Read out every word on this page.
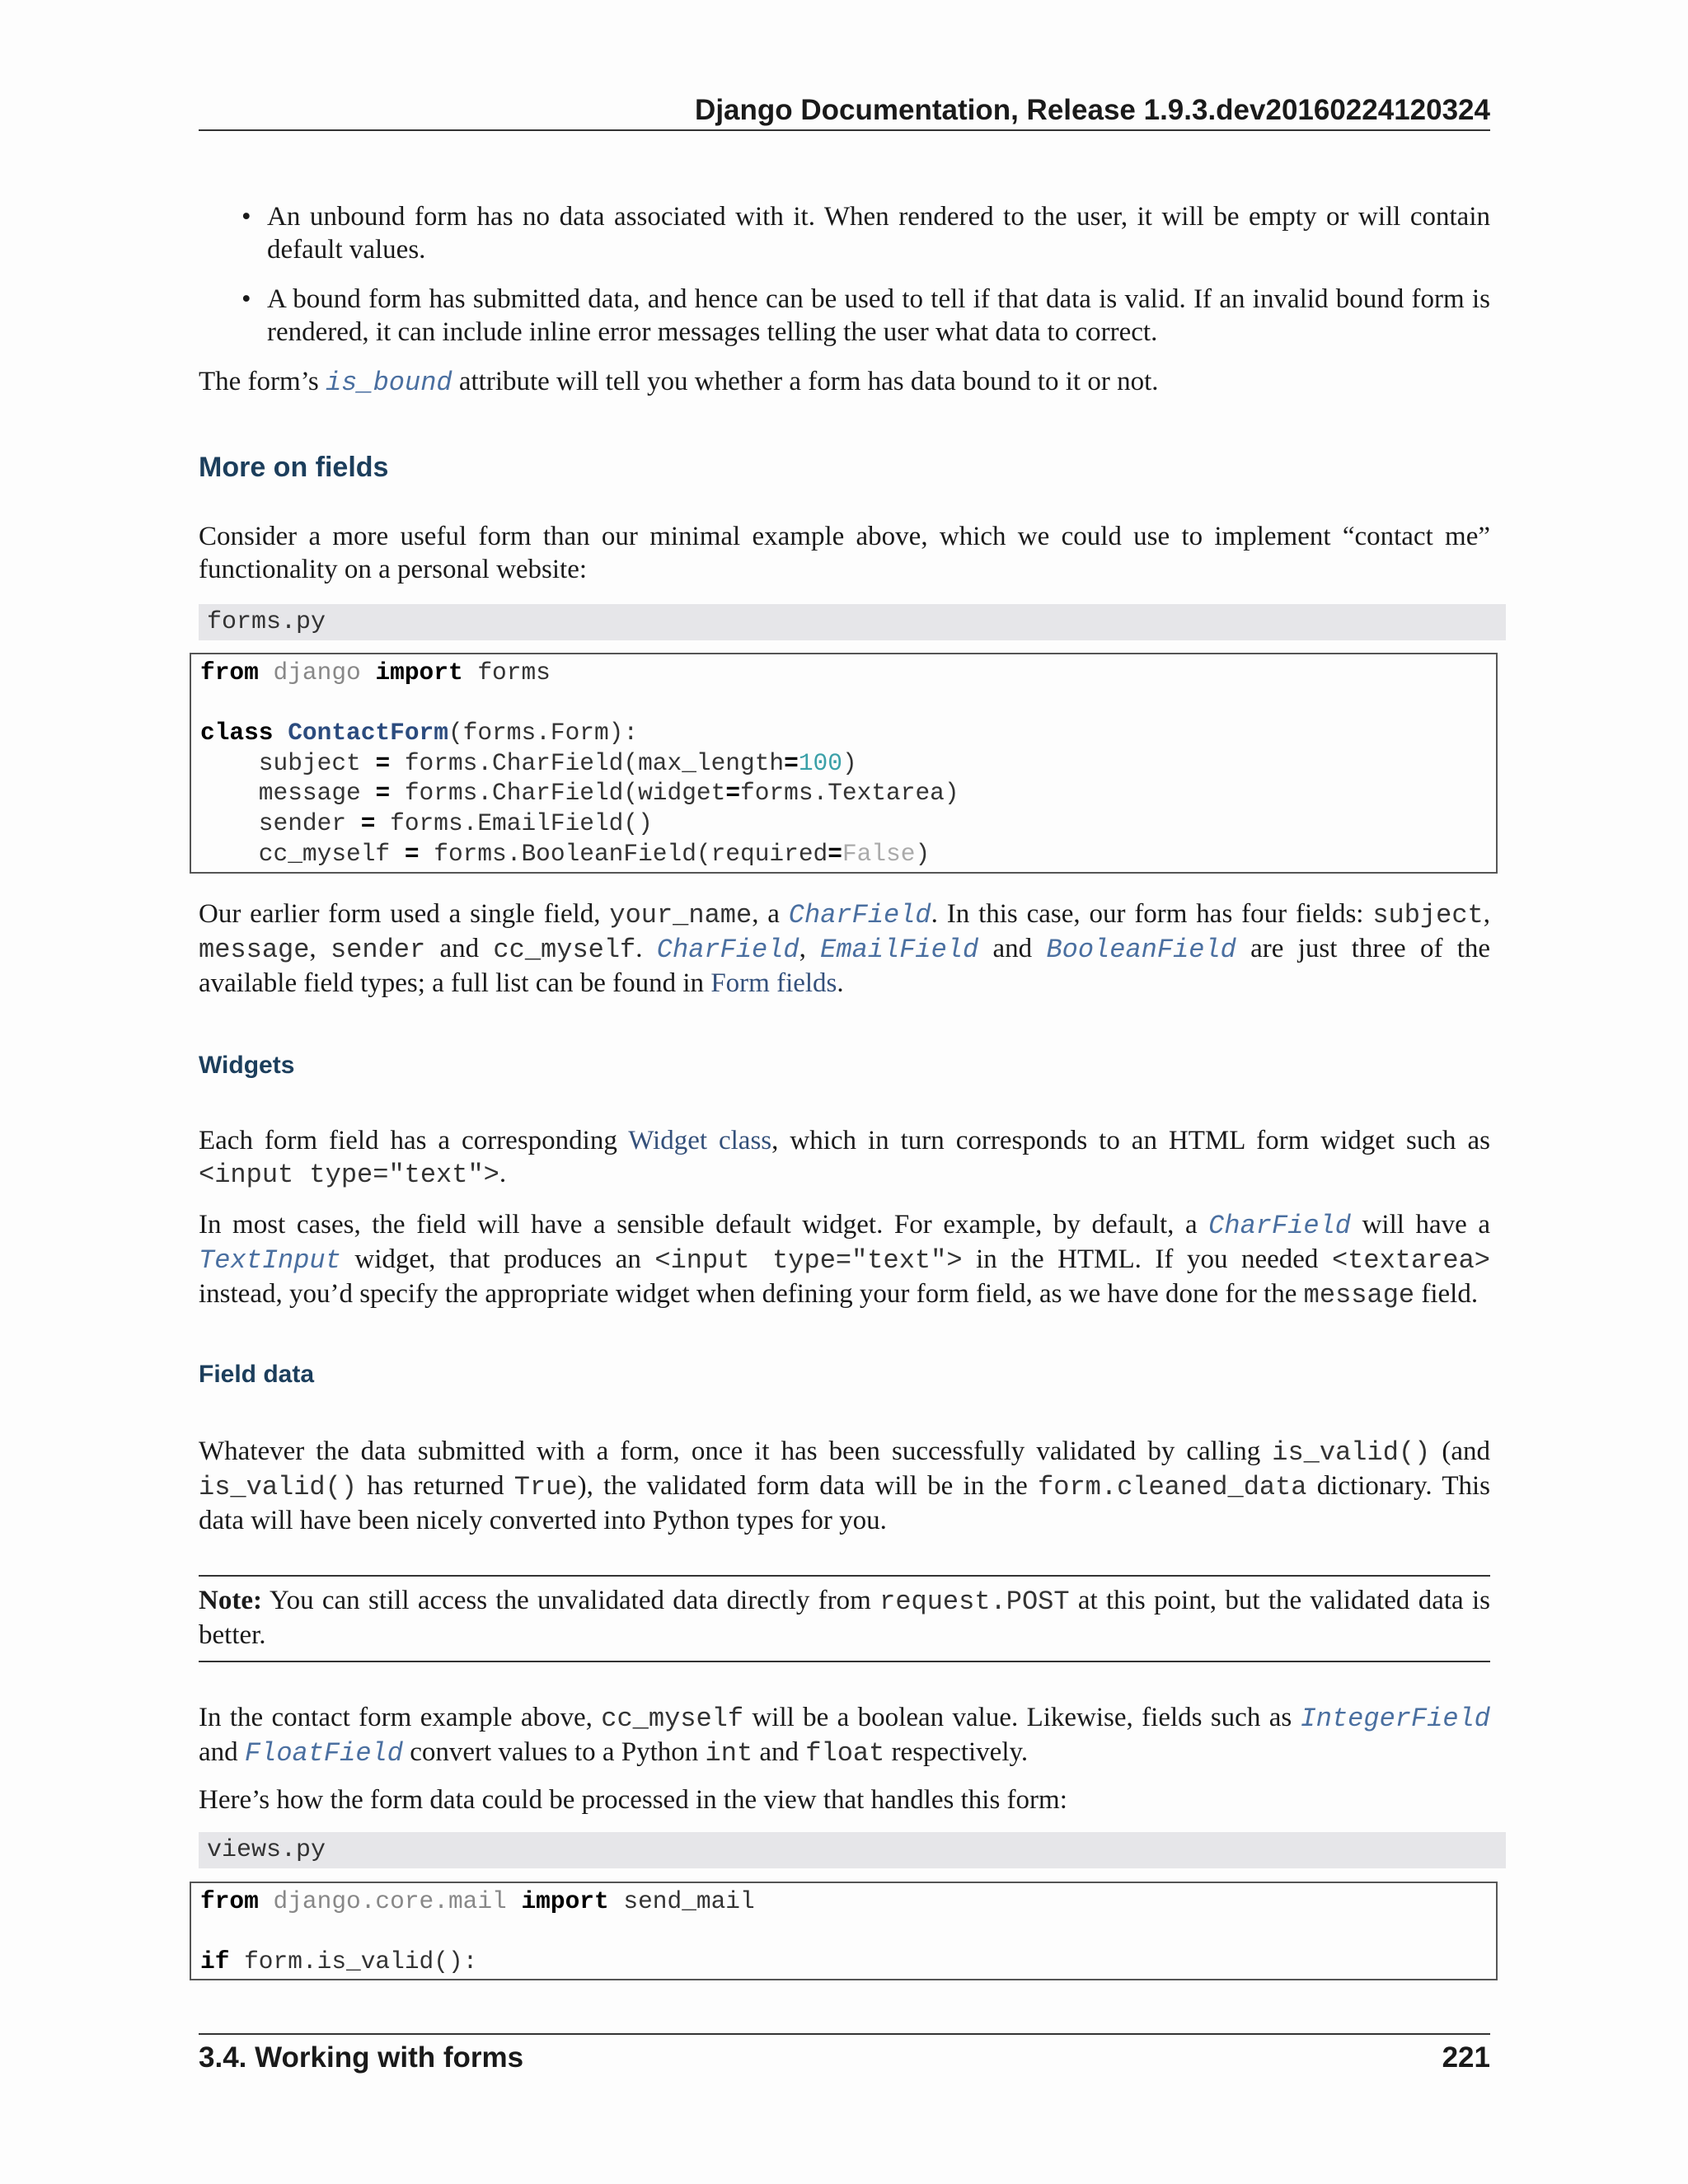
Django Documentation, Release 1.9.3.dev20160224120324
• An unbound form has no data associated with it. When rendered to the user, it will be empty or will contain default values.
• A bound form has submitted data, and hence can be used to tell if that data is valid. If an invalid bound form is rendered, it can include inline error messages telling the user what data to correct.

The form’s is_bound attribute will tell you whether a form has data bound to it or not.

More on fields

Consider a more useful form than our minimal example above, which we could use to implement “contact me” functionality on a personal website:

forms.py
from django import forms

class ContactForm(forms.Form):
subject = forms.CharField(max_length=100)
message = forms.CharField(widget=forms.Textarea)
sender = forms.EmailField()
cc_myself = forms.BooleanField(required=False)

Our earlier form used a single field, your_name, a CharField. In this case, our form has four fields: subject, message, sender and cc_myself. CharField, EmailField and BooleanField are just three of the available field types; a full list can be found in Form fields.

Widgets

Each form field has a corresponding Widget class, which in turn corresponds to an HTML form widget such as <input type="text">.

In most cases, the field will have a sensible default widget. For example, by default, a CharField will have a TextInput widget, that produces an <input type="text"> in the HTML. If you needed <textarea> instead, you’d specify the appropriate widget when defining your form field, as we have done for the message field.

Field data

Whatever the data submitted with a form, once it has been successfully validated by calling is_valid() (and is_valid() has returned True), the validated form data will be in the form.cleaned_data dictionary. This data will have been nicely converted into Python types for you.

Note: You can still access the unvalidated data directly from request.POST at this point, but the validated data is better.

In the contact form example above, cc_myself will be a boolean value. Likewise, fields such as IntegerField and FloatField convert values to a Python int and float respectively.

Here’s how the form data could be processed in the view that handles this form:

views.py
from django.core.mail import send_mail

if form.is_valid():
3.4. Working with forms	221
